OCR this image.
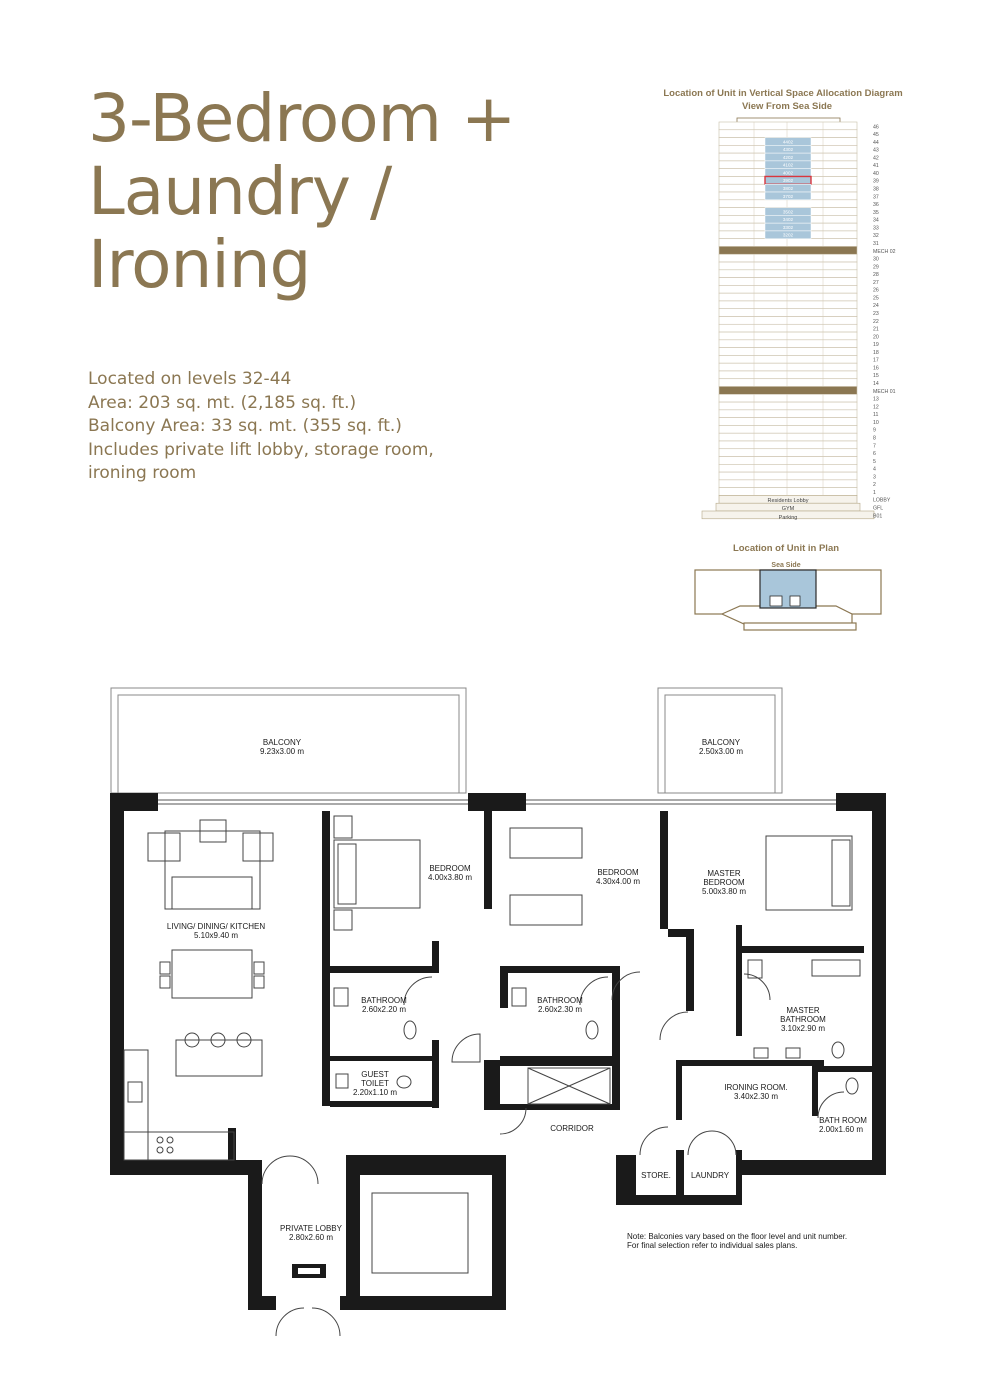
3-Bedroom +
Laundry /
Ironing
Located on levels 32-44
Area: 203 sq. mt. (2,185 sq. ft.)
Balcony Area: 33 sq. mt. (355 sq. ft.)
Includes private lift lobby, storage room,
ironing room
Location of Unit in Vertical Space Allocation Diagram
View From Sea Side
46
45
44
43
42
41
40
39
38
37
36
35
34
33
32
31
MECH 02
30
29
28
27
26
25
24
23
22
21
20
19
18
17
16
15
14
MECH 01
13
12
11
10
9
8
7
6
5
4
3
2
1
LOBBY
GFL
B01
4402
4302
4202
4102
4002
3902
3802
3702
3502
3402
3302
3202
Residents Lobby
GYM
Parking
Location of Unit in Plan
Sea Side
BALCONY
9.23x3.00 m
BALCONY
2.50x3.00 m
LIVING/ DINING/ KITCHEN
5.10x9.40 m
BEDROOM
4.00x3.80 m
BEDROOM
4.30x4.00 m
MASTER
BEDROOM
5.00x3.80 m
BATHROOM
2.60x2.20 m
BATHROOM
2.60x2.30 m	MASTER
BATHROOM
3.10x2.90 m
GUEST
TOILET
2.20x1.10 m
IRONING ROOM.
3.40x2.30 m
BATH ROOM
2.00x1.60 m
CORRIDOR
STORE.	LAUNDRY
PRIVATE LOBBY
2.80x2.60 m	Note: Balconies vary based on the floor level and unit number.
For final selection refer to individual sales plans.
